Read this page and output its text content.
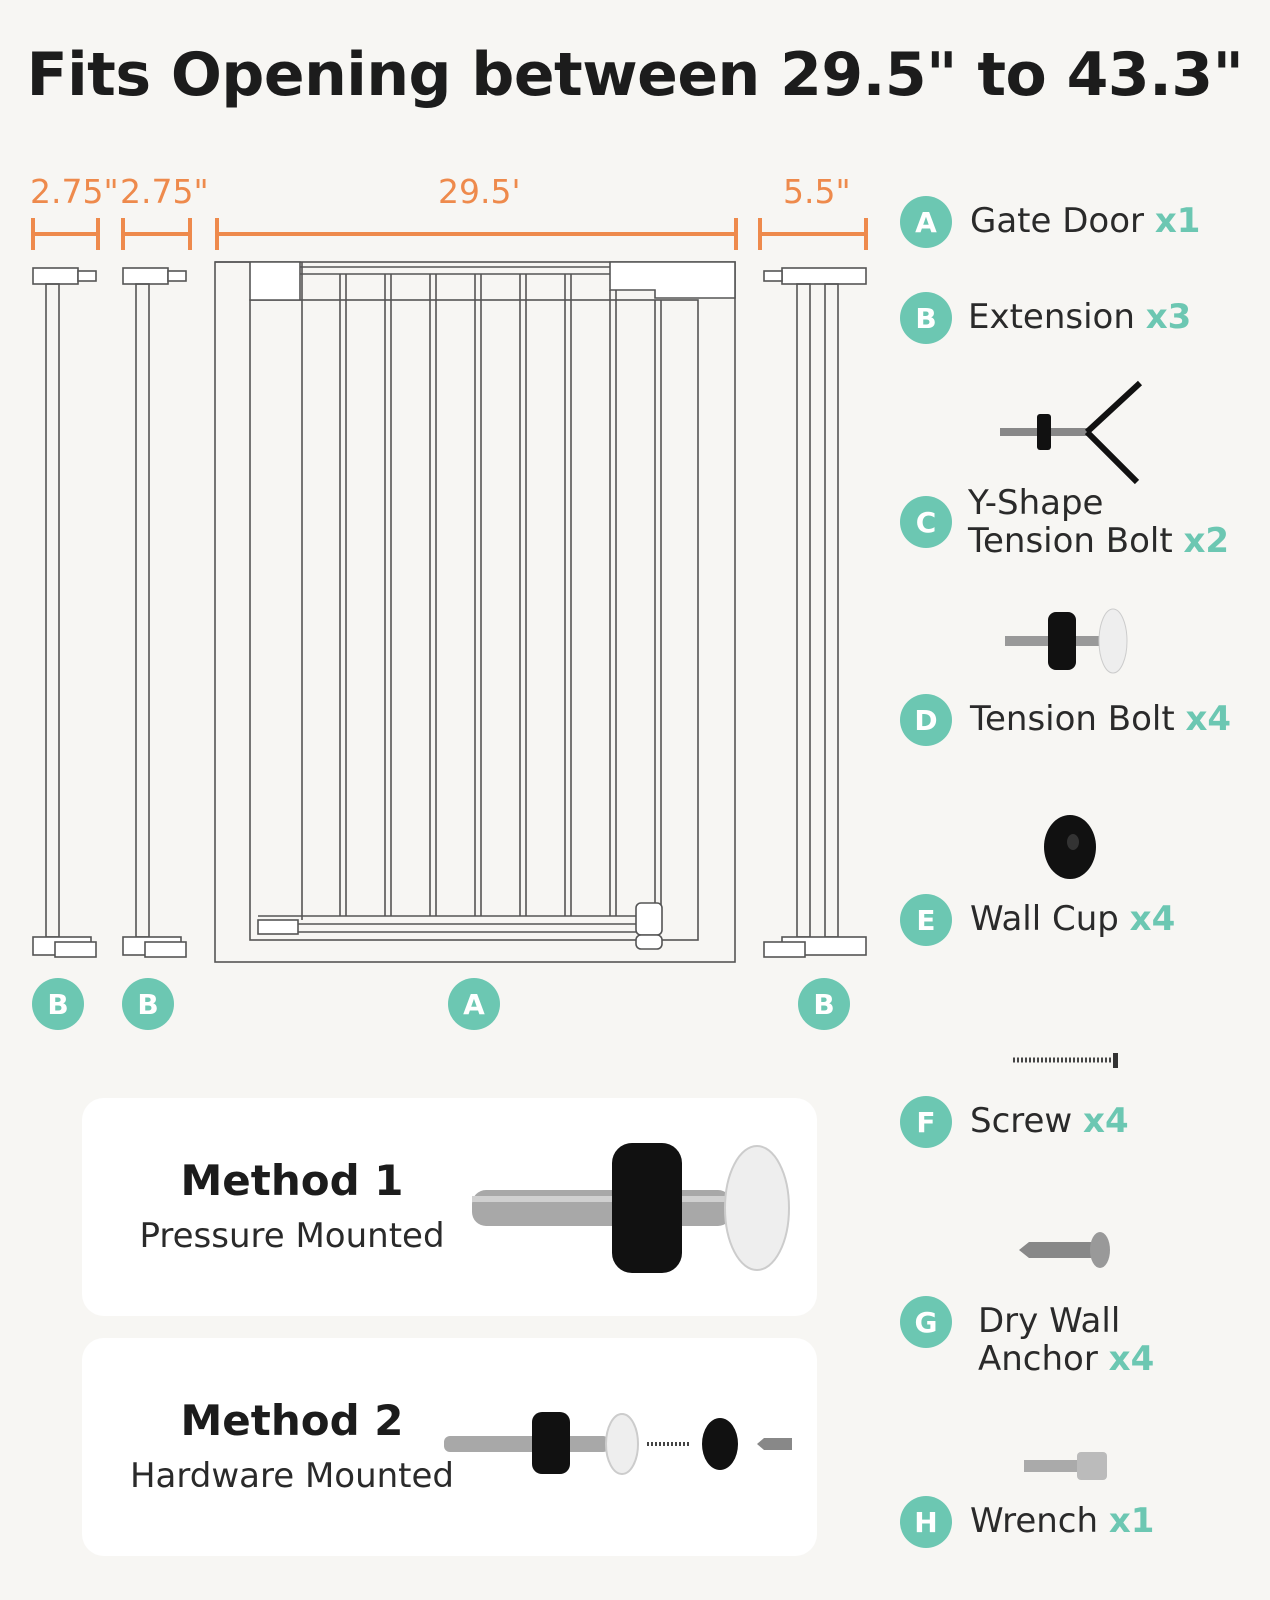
Fits Opening between 29.5" to 43.3"
2.75" 2.75"	29.5'	5.5"
B	B	A	B
A Gate Door x1
B Extension x3
C Y-Shape
Tension Bolt x2
D Tension Bolt x4
E	Wall Cup x4
F	Screw x4
G	Dry Wall
Anchor x4
H Wrench x1
Method 1
Pressure Mounted
Method 2
Hardware Mounted
